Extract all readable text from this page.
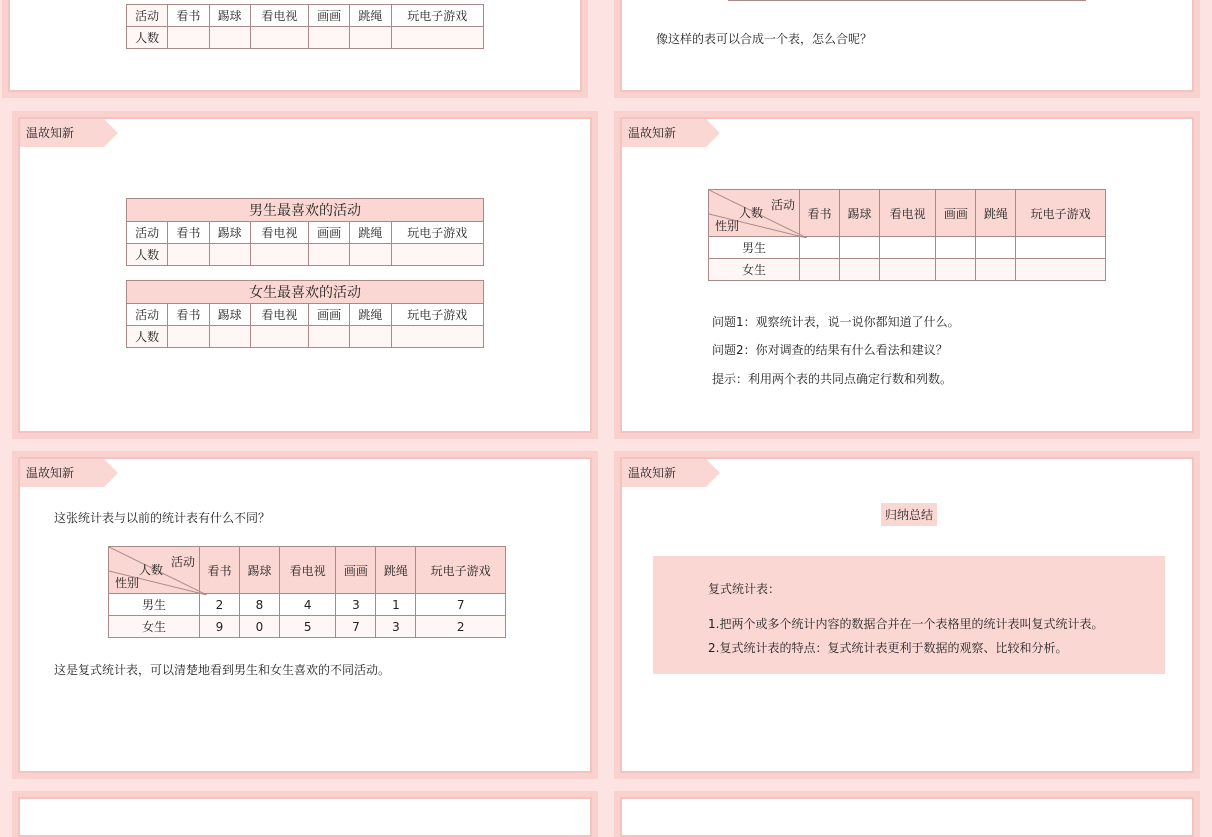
活动	看书	踢球	看电视	画画	跳绳	玩电子游戏
人数						
							像这样的表可以合成一个表，怎么合呢？
温故知新
男生最喜欢的活动						
活动	看书	踢球	看电视	画画	跳绳	玩电子游戏
人数						
女生最喜欢的活动						
活动	看书	踢球	看电视	画画	跳绳	玩电子游戏
人数						
温故知新
活动
人数
性别	看书	踢球	看电视	画画	跳绳	玩电子游戏
男生						
女生						
问题1：观察统计表，说一说你都知道了什么。
问题2：你对调查的结果有什么看法和建议？
提示：利用两个表的共同点确定行数和列数。
温故知新
这张统计表与以前的统计表有什么不同？
活动
人数
性别	看书	踢球	看电视	画画	跳绳	玩电子游戏
男生	2	8	4	3	1	7
女生	9	0	5	7	3	2
这是复式统计表，可以清楚地看到男生和女生喜欢的不同活动。
温故知新
归纳总结
复式统计表：
1.把两个或多个统计内容的数据合并在一个表格里的统计表叫复式统计表。
2.复式统计表的特点：复式统计表更利于数据的观察、比较和分析。
